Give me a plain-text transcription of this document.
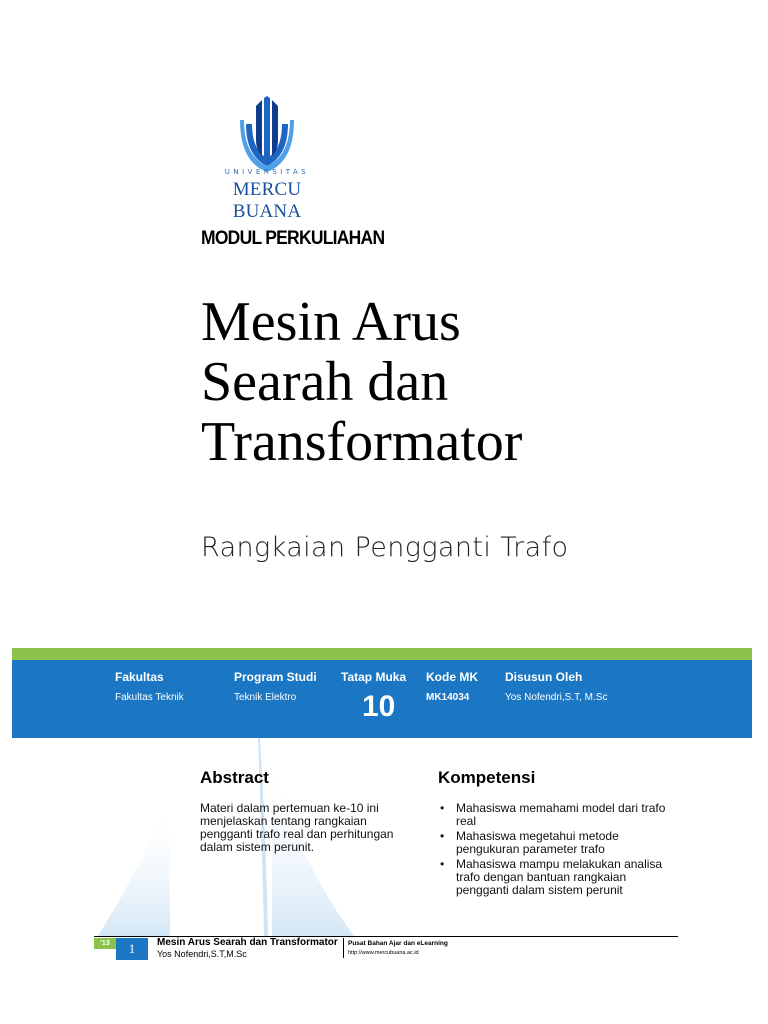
UNIVERSITAS
MERCU BUANA
MODUL PERKULIAHAN
Mesin Arus
Searah dan
Transformator
Rangkaian Pengganti Trafo
Fakultas
Fakultas Teknik
Program Studi
Teknik Elektro
Tatap Muka
10
Kode MK
MK14034
Disusun Oleh
Yos Nofendri,S.T, M.Sc
Abstract
Materi dalam pertemuan ke-10 ini menjelaskan tentang rangkaian pengganti trafo real dan perhitungan dalam sistem perunit.
Kompetensi
• Mahasiswa memahami model dari trafo real
• Mahasiswa megetahui metode pengukuran parameter trafo
• Mahasiswa mampu melakukan analisa trafo dengan bantuan rangkaian pengganti dalam sistem perunit
'13	1	Mesin Arus Searah dan Transformator
Yos Nofendri,S.T,M.Sc
Pusat Bahan Ajar dan eLearning
http://www.mercubuana.ac.id
